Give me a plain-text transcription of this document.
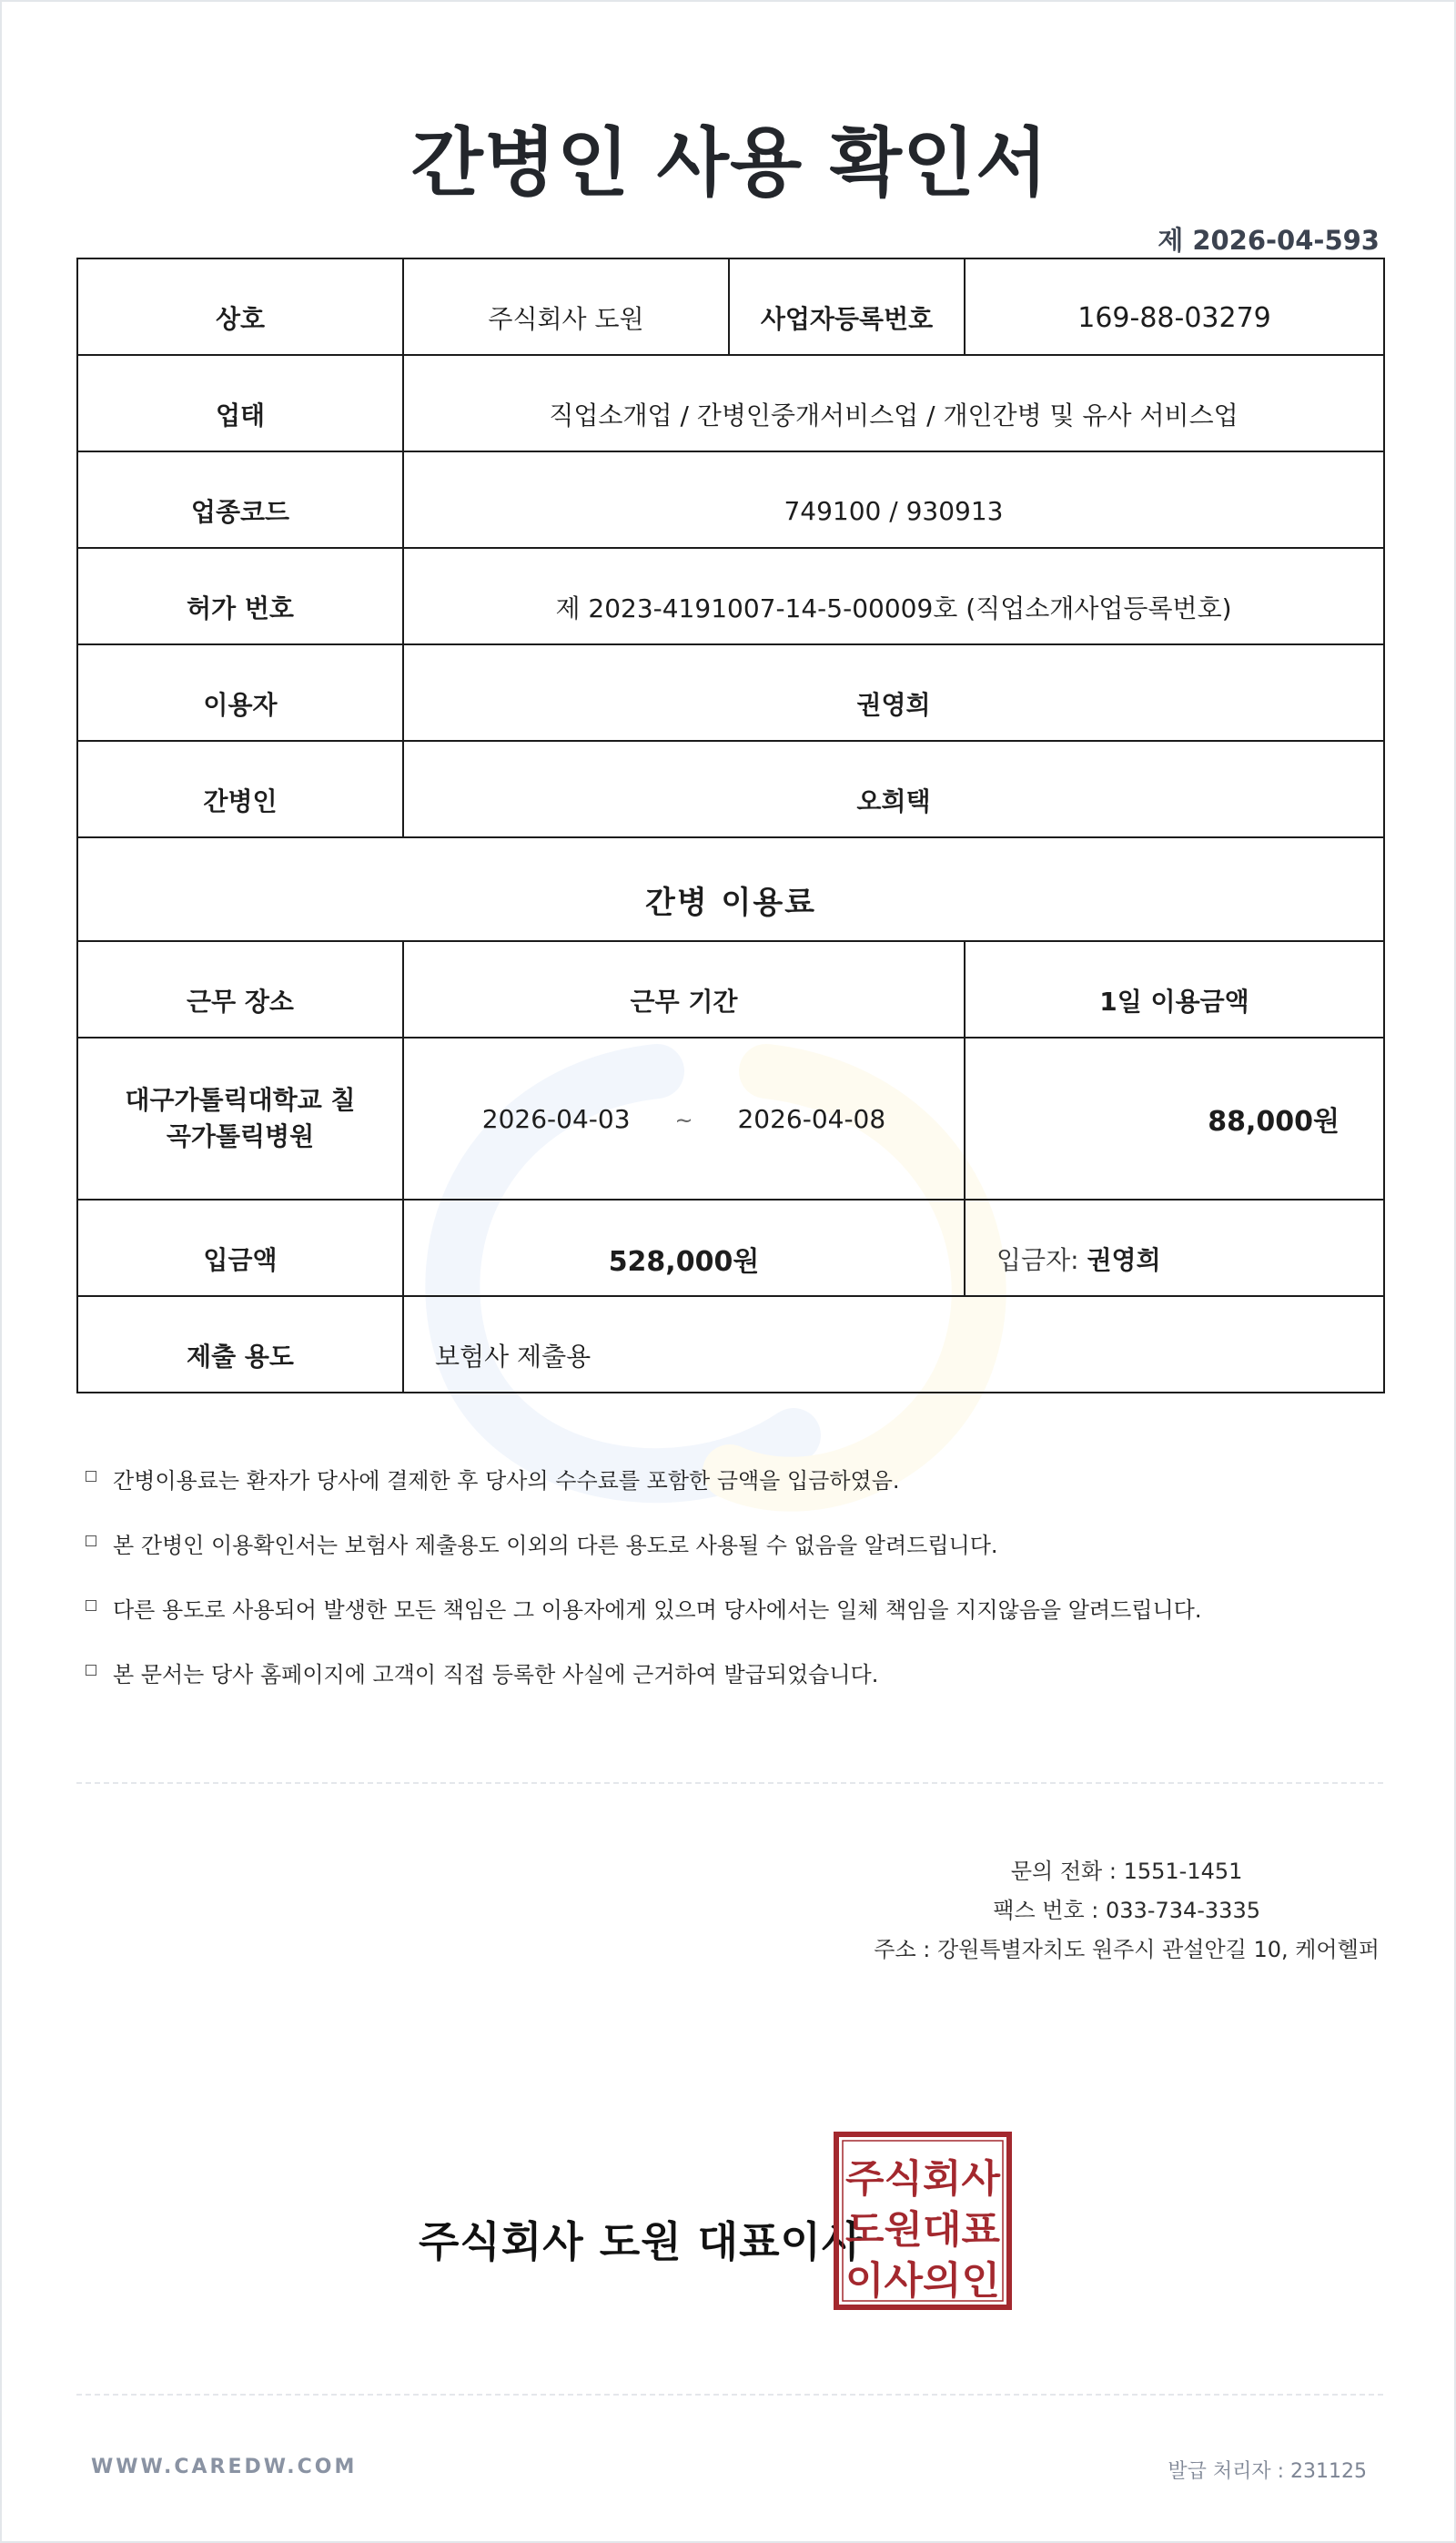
간병인 사용 확인서
제 2026-04-593
상호	주식회사 도원	사업자등록번호	169-88-03279
업태	직업소개업 / 간병인중개서비스업 / 개인간병 및 유사 서비스업		
업종코드	749100 / 930913		
허가 번호	제 2023-4191007-14-5-00009호 (직업소개사업등록번호)		
이용자	권영희		
간병인	오희택		
간병 이용료			
근무 장소	근무 기간		1일 이용금액
대구가톨릭대학교 칠
곡가톨릭병원	2026-04-03 ~ 2026-04-08		88,000원
입금액	528,000원		입금자: 권영희
제출 용도	보험사 제출용		
간병이용료는 환자가 당사에 결제한 후 당사의 수수료를 포함한 금액을 입금하였음.
본 간병인 이용확인서는 보험사 제출용도 이외의 다른 용도로 사용될 수 없음을 알려드립니다.
다른 용도로 사용되어 발생한 모든 책임은 그 이용자에게 있으며 당사에서는 일체 책임을 지지않음을 알려드립니다.
본 문서는 당사 홈페이지에 고객이 직접 등록한 사실에 근거하여 발급되었습니다.
문의 전화 : 1551-1451
팩스 번호 : 033-734-3335
주소 : 강원특별자치도 원주시 관설안길 10, 케어헬퍼
주식회사 도원 대표이사
주식회사
도원대표
이사의인
WWW.CAREDW.COM	발급 처리자 : 231125
